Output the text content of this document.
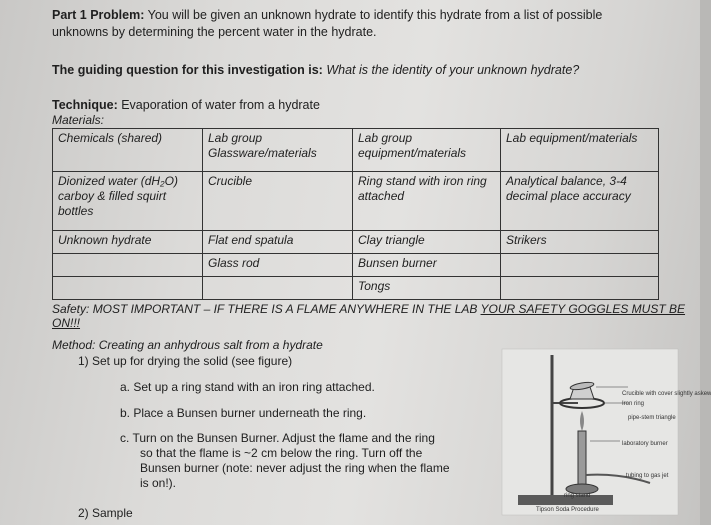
Part 1 Problem: You will be given an unknown hydrate to identify this hydrate from a list of possible
unknowns by determining the percent water in the hydrate.
The guiding question for this investigation is: What is the identity of your unknown hydrate?
Technique: Evaporation of water from a hydrate
Materials:
Chemicals (shared)	Lab group Glassware/materials	Lab group equipment/materials	Lab equipment/materials
Dionized water (dH₂O) carboy & filled squirt bottles	Crucible	Ring stand with iron ring attached	Analytical balance, 3-4 decimal place accuracy
Unknown hydrate	Flat end spatula	Clay triangle	Strikers
	Glass rod	Bunsen burner	
		Tongs	
Safety: MOST IMPORTANT – IF THERE IS A FLAME ANYWHERE IN THE LAB YOUR SAFETY GOGGLES MUST BE
ON!!!
Method: Creating an anhydrous salt from a hydrate
1) Set up for drying the solid (see figure)
a. Set up a ring stand with an iron ring attached.
b. Place a Bunsen burner underneath the ring.
c. Turn on the Bunsen Burner. Adjust the flame and the ring
so that the flame is ~2 cm below the ring. Turn off the
Bunsen burner (note: never adjust the ring when the flame
is on!).
2) Sample
Crucible with cover slightly askew
Iron ring
pipe-stem triangle
laboratory burner
tubing to gas jet
ring stand
Tipson Soda Procedure
